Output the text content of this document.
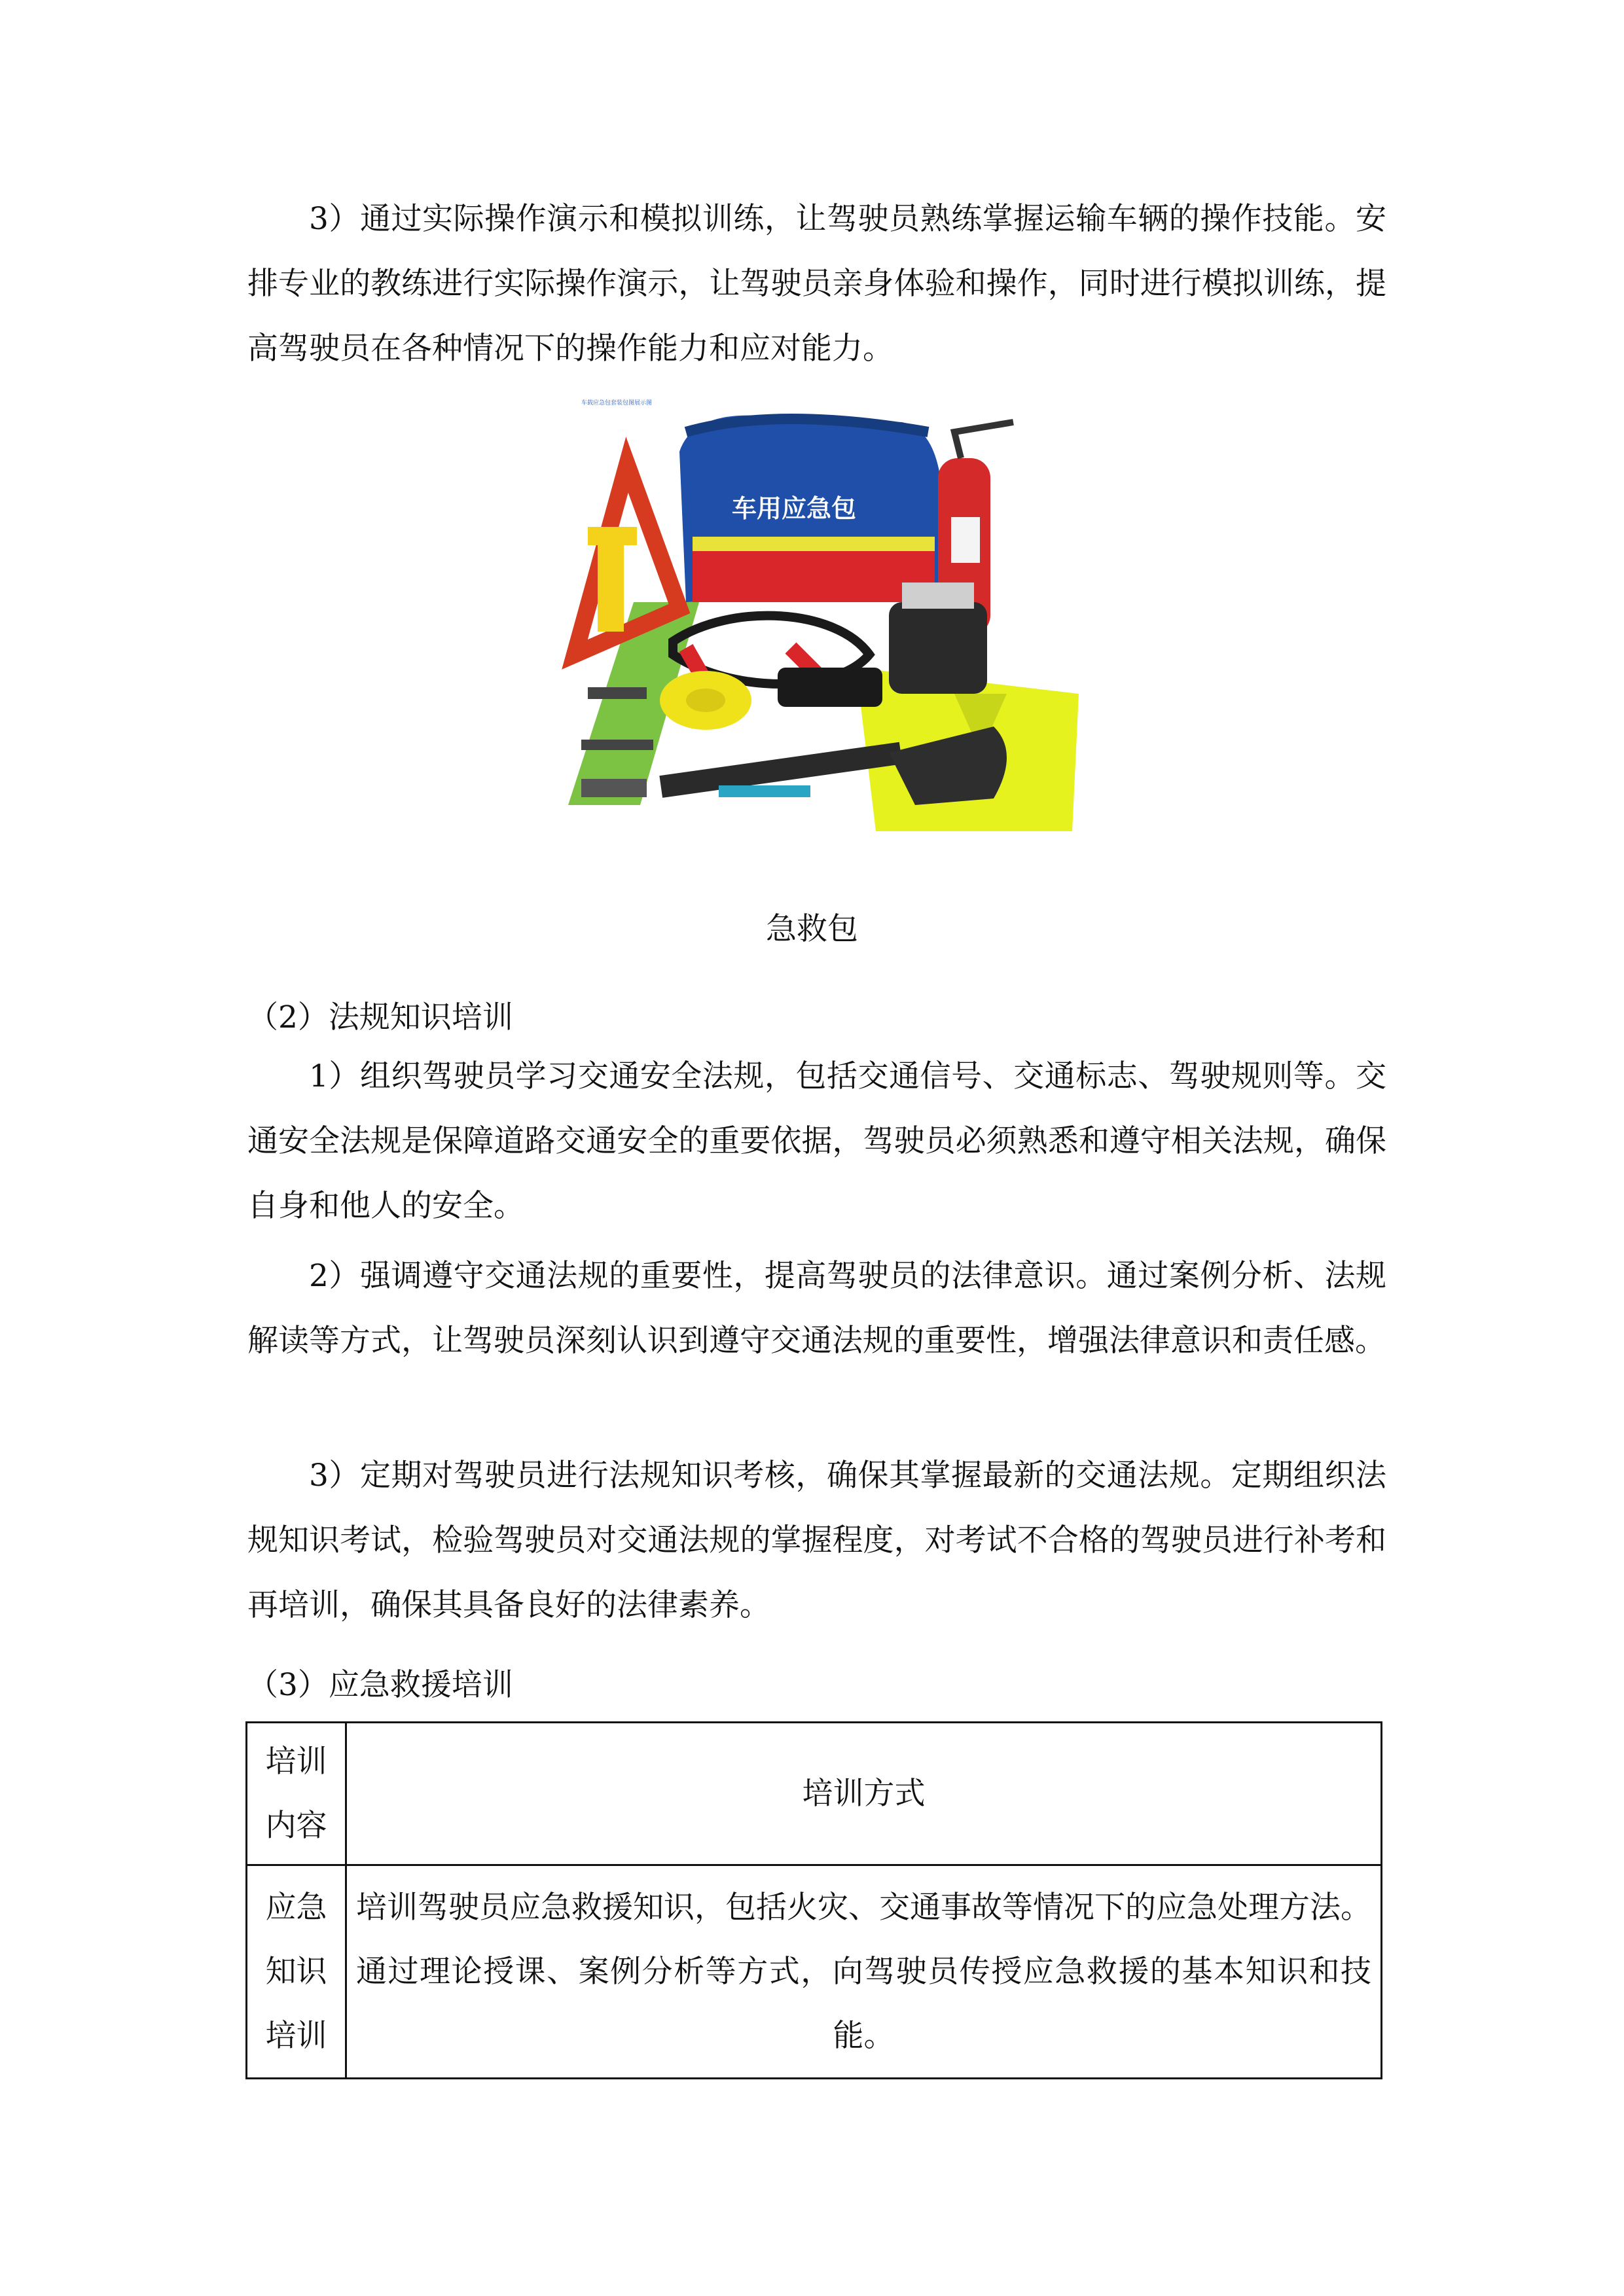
3）通过实际操作演示和模拟训练，让驾驶员熟练掌握运输车辆的操作技能。安排专业的教练进行实际操作演示，让驾驶员亲身体验和操作，同时进行模拟训练，提高驾驶员在各种情况下的操作能力和应对能力。

车载应急包套装包图展示图
车用应急包

急救包

（2）法规知识培训

1）组织驾驶员学习交通安全法规，包括交通信号、交通标志、驾驶规则等。交通安全法规是保障道路交通安全的重要依据，驾驶员必须熟悉和遵守相关法规，确保自身和他人的安全。

2）强调遵守交通法规的重要性，提高驾驶员的法律意识。通过案例分析、法规解读等方式，让驾驶员深刻认识到遵守交通法规的重要性，增强法律意识和责任感。

3）定期对驾驶员进行法规知识考核，确保其掌握最新的交通法规。定期组织法规知识考试，检验驾驶员对交通法规的掌握程度，对考试不合格的驾驶员进行补考和再培训，确保其具备良好的法律素养。

（3）应急救援培训

培训内容	培训方式

应急知识培训	培训驾驶员应急救援知识，包括火灾、交通事故等情况下的应急处理方法。通过理论授课、案例分析等方式，向驾驶员传授应急救援的基本知识和技能。
